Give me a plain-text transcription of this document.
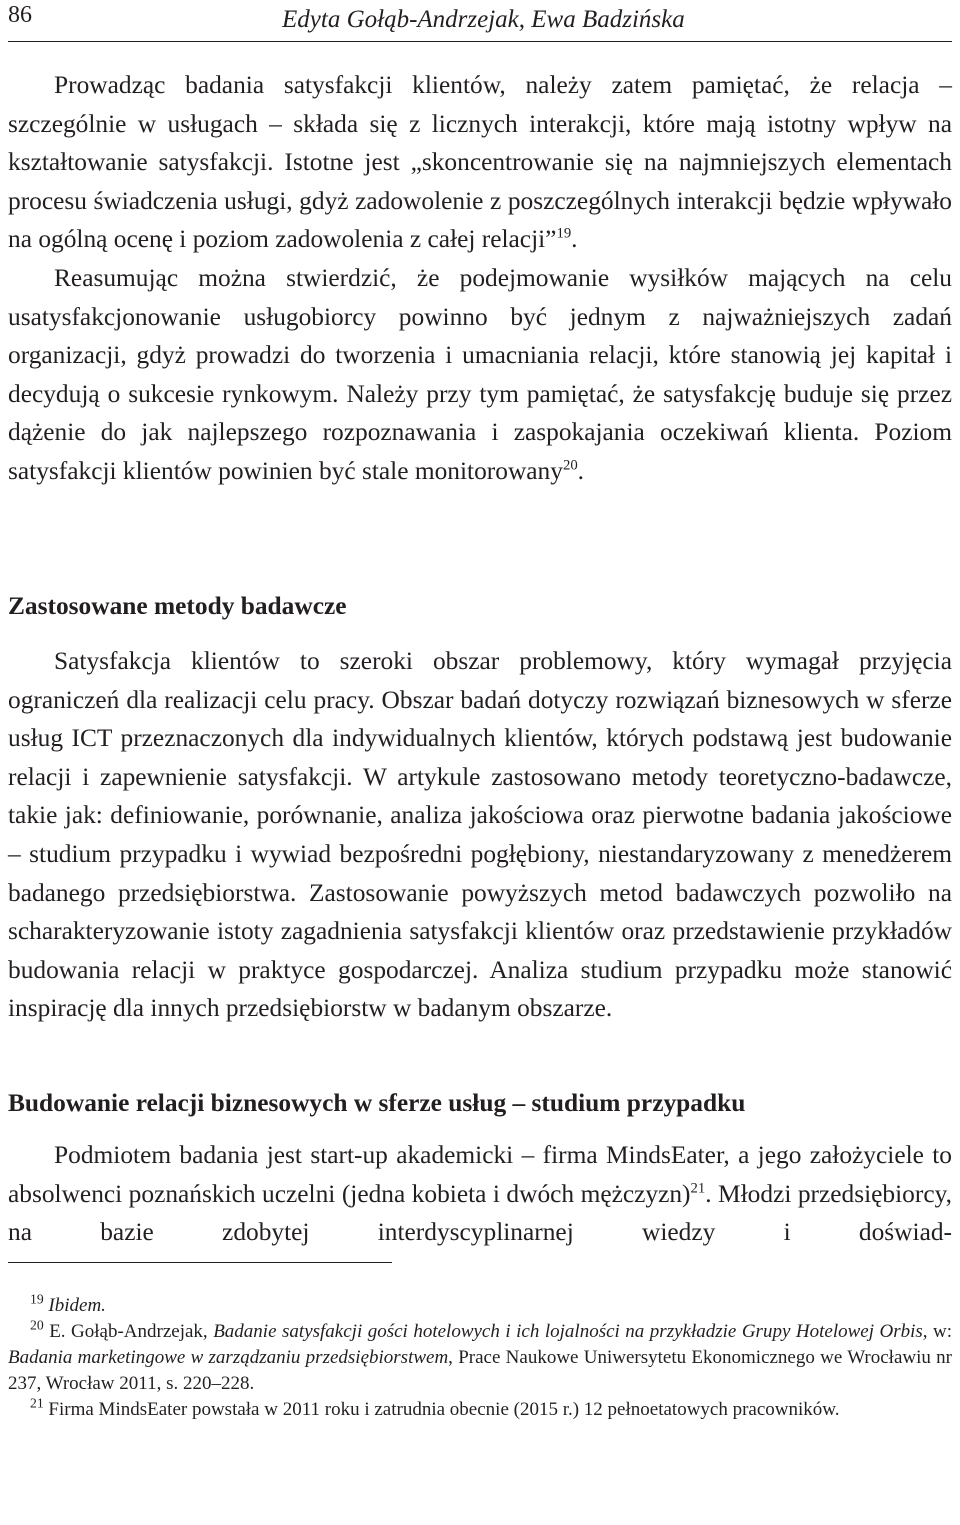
86	Edyta Gołąb-Andrzejak, Ewa Badzińska

Prowadząc badania satysfakcji klientów, należy zatem pamiętać, że relacja – szczególnie w usługach – składa się z licznych interakcji, które mają istotny wpływ na kształtowanie satysfakcji. Istotne jest „skoncentrowanie się na najmniejszych elementach procesu świadczenia usługi, gdyż zadowolenie z poszczególnych interakcji będzie wpływało na ogólną ocenę i poziom zadowolenia z całej relacji”$^{19}$.

Reasumując można stwierdzić, że podejmowanie wysiłków mających na celu usatysfakcjonowanie usługobiorcy powinno być jednym z najważniejszych zadań organizacji, gdyż prowadzi do tworzenia i umacniania relacji, które stanowią jej kapitał i decydują o sukcesie rynkowym. Należy przy tym pamiętać, że satysfakcję buduje się przez dążenie do jak najlepszego rozpoznawania i zaspokajania oczekiwań klienta. Poziom satysfakcji klientów powinien być stale monitorowany$^{20}$.

Zastosowane metody badawcze

Satysfakcja klientów to szeroki obszar problemowy, który wymagał przyjęcia ograniczeń dla realizacji celu pracy. Obszar badań dotyczy rozwiązań biznesowych w sferze usług ICT przeznaczonych dla indywidualnych klientów, których podstawą jest budowanie relacji i zapewnienie satysfakcji. W artykule zastosowano metody teoretyczno-badawcze, takie jak: definiowanie, porównanie, analiza jakościowa oraz pierwotne badania jakościowe – studium przypadku i wywiad bezpośredni pogłębiony, niestandaryzowany z menedżerem badanego przedsiębiorstwa. Zastosowanie powyższych metod badawczych pozwoliło na scharakteryzowanie istoty zagadnienia satysfakcji klientów oraz przedstawienie przykładów budowania relacji w praktyce gospodarczej. Analiza studium przypadku może stanowić inspirację dla innych przedsiębiorstw w badanym obszarze.

Budowanie relacji biznesowych w sferze usług – studium przypadku

Podmiotem badania jest start-up akademicki – firma MindsEater, a jego założyciele to absolwenci poznańskich uczelni (jedna kobieta i dwóch mężczyzn)$^{21}$. Młodzi przedsiębiorcy, na bazie zdobytej interdyscyplinarnej wiedzy i doświad-

$^{19}$ Ibidem.

$^{20}$ E. Gołąb-Andrzejak, Badanie satysfakcji gości hotelowych i ich lojalności na przykładzie Grupy Hotelowej Orbis, w: Badania marketingowe w zarządzaniu przedsiębiorstwem, Prace Naukowe Uniwersytetu Ekonomicznego we Wrocławiu nr 237, Wrocław 2011, s. 220–228.

$^{21}$ Firma MindsEater powstała w 2011 roku i zatrudnia obecnie (2015 r.) 12 pełnoetatowych pracowników.
